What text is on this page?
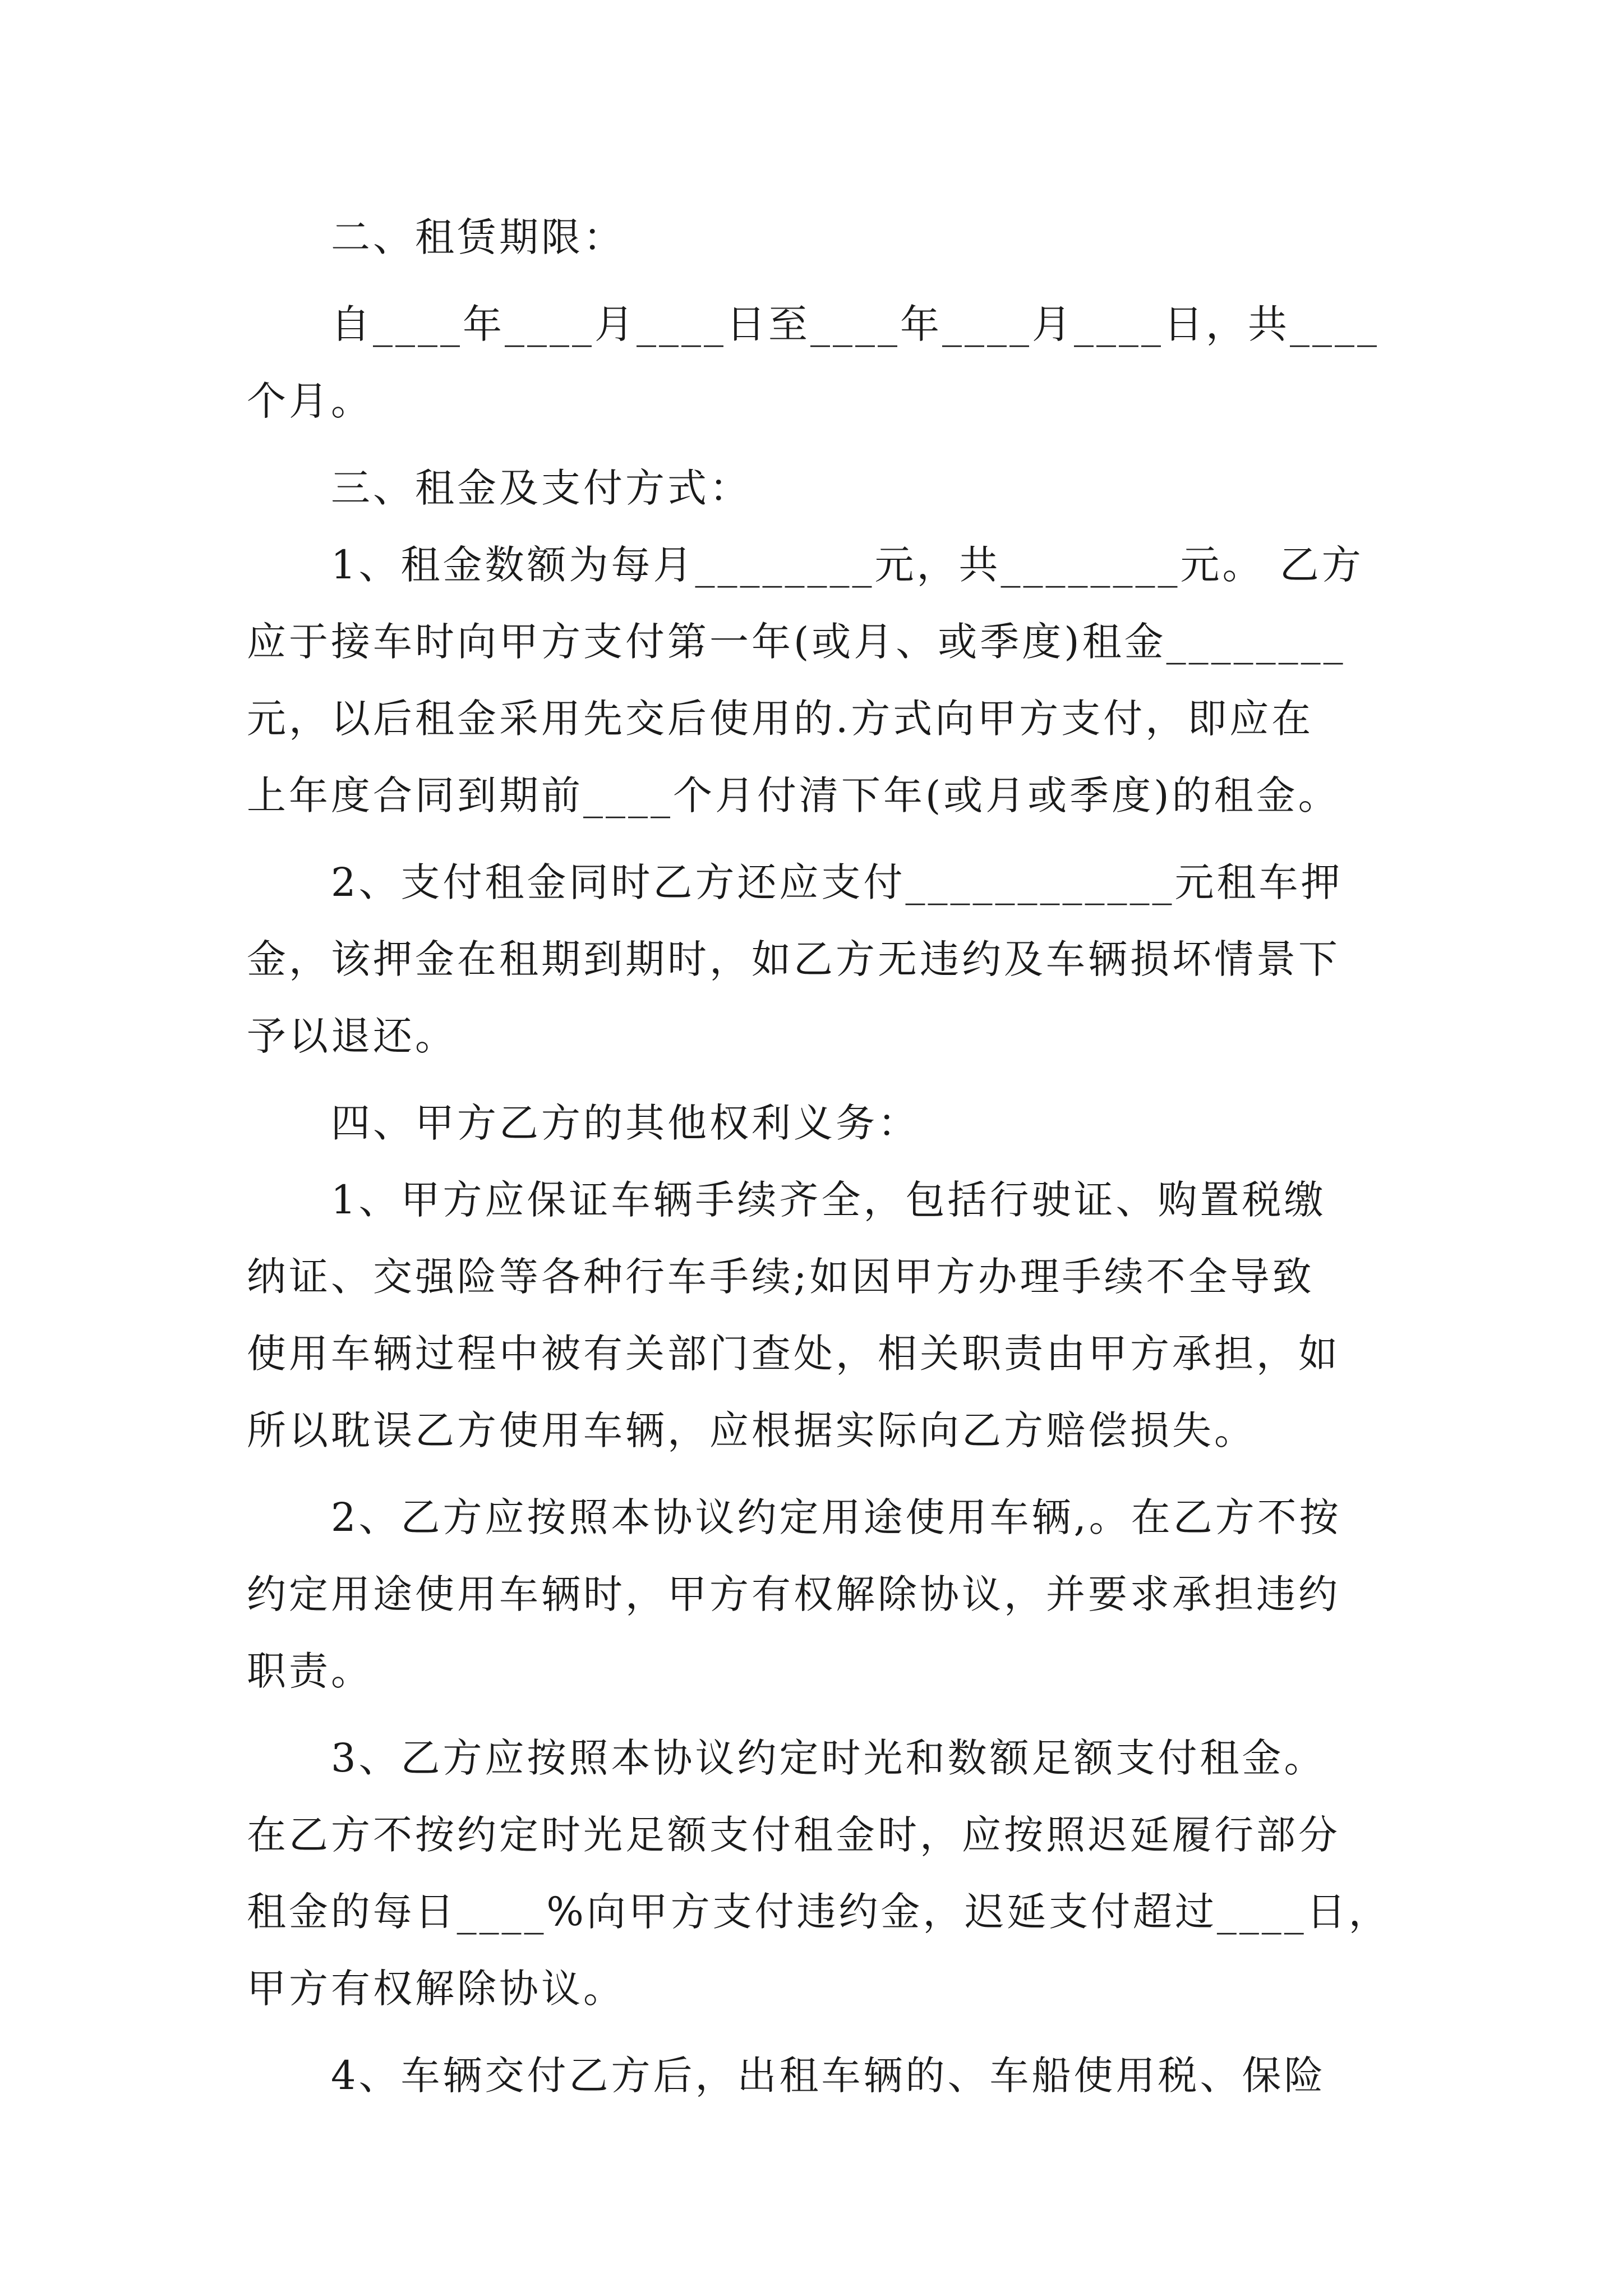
二、租赁期限：
自____年____月____日至____年____月____日，共____
个月。
三、租金及支付方式：
1、租金数额为每月________元，共________元。 乙方
应于接车时向甲方支付第一年(或月、或季度)租金________
元，以后租金采用先交后使用的.方式向甲方支付，即应在
上年度合同到期前____个月付清下年(或月或季度)的租金。
2、支付租金同时乙方还应支付____________元租车押
金，该押金在租期到期时，如乙方无违约及车辆损坏情景下
予以退还。
四、甲方乙方的其他权利义务：
1、甲方应保证车辆手续齐全，包括行驶证、购置税缴
纳证、交强险等各种行车手续;如因甲方办理手续不全导致
使用车辆过程中被有关部门查处，相关职责由甲方承担，如
所以耽误乙方使用车辆，应根据实际向乙方赔偿损失。
2、乙方应按照本协议约定用途使用车辆,。在乙方不按
约定用途使用车辆时，甲方有权解除协议，并要求承担违约
职责。
3、乙方应按照本协议约定时光和数额足额支付租金。
在乙方不按约定时光足额支付租金时，应按照迟延履行部分
租金的每日____%向甲方支付违约金，迟延支付超过____日，
甲方有权解除协议。
4、车辆交付乙方后，出租车辆的、车船使用税、保险
